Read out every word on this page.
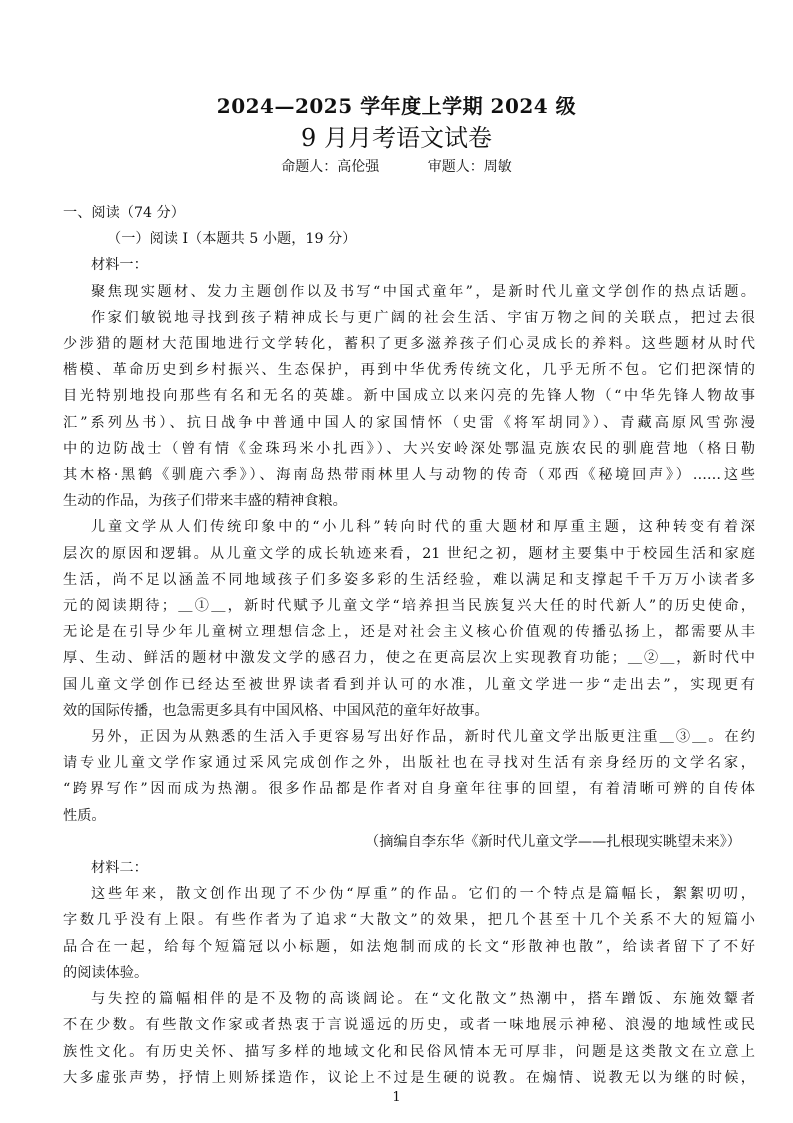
2024—2025 学年度上学期 2024 级
9 月月考语文试卷
命题人：高伦强	审题人：周敏
一、阅读（74 分）
（一）阅读 I（本题共 5 小题，19 分）
材料一：
聚焦现实题材、发力主题创作以及书写“中国式童年”，是新时代儿童文学创作的热点话题。
作家们敏锐地寻找到孩子精神成长与更广阔的社会生活、宇宙万物之间的关联点，把过去很
少涉猎的题材大范围地进行文学转化，蓄积了更多滋养孩子们心灵成长的养料。这些题材从时代
楷模、革命历史到乡村振兴、生态保护，再到中华优秀传统文化，几乎无所不包。它们把深情的
目光特别地投向那些有名和无名的英雄。新中国成立以来闪亮的先锋人物（“中华先锋人物故事
汇”系列丛书）、抗日战争中普通中国人的家国情怀（史雷《将军胡同》）、青藏高原风雪弥漫
中的边防战士（曾有情《金珠玛米小扎西》）、大兴安岭深处鄂温克族农民的驯鹿营地（格日勒
其木格·黑鹤《驯鹿六季》）、海南岛热带雨林里人与动物的传奇（邓西《秘境回声》）……这些
生动的作品，为孩子们带来丰盛的精神食粮。
儿童文学从人们传统印象中的“小儿科”转向时代的重大题材和厚重主题，这种转变有着深
层次的原因和逻辑。从儿童文学的成长轨迹来看，21 世纪之初，题材主要集中于校园生活和家庭
生活，尚不足以涵盖不同地域孩子们多姿多彩的生活经验，难以满足和支撑起千千万万小读者多
元的阅读期待；＿①＿，新时代赋予儿童文学“培养担当民族复兴大任的时代新人”的历史使命，
无论是在引导少年儿童树立理想信念上，还是对社会主义核心价值观的传播弘扬上，都需要从丰
厚、生动、鲜活的题材中激发文学的感召力，使之在更高层次上实现教育功能；＿②＿，新时代中
国儿童文学创作已经达至被世界读者看到并认可的水准，儿童文学进一步“走出去”，实现更有
效的国际传播，也急需更多具有中国风格、中国风范的童年好故事。
另外，正因为从熟悉的生活入手更容易写出好作品，新时代儿童文学出版更注重＿③＿。在约
请专业儿童文学作家通过采风完成创作之外，出版社也在寻找对生活有亲身经历的文学名家，
“跨界写作”因而成为热潮。很多作品都是作者对自身童年往事的回望，有着清晰可辨的自传体
性质。
（摘编自李东华《新时代儿童文学——扎根现实眺望未来》）
材料二：
这些年来，散文创作出现了不少伪“厚重”的作品。它们的一个特点是篇幅长，絮絮叨叨，
字数几乎没有上限。有些作者为了追求“大散文”的效果，把几个甚至十几个关系不大的短篇小
品合在一起，给每个短篇冠以小标题，如法炮制而成的长文“形散神也散”，给读者留下了不好
的阅读体验。
与失控的篇幅相伴的是不及物的高谈阔论。在“文化散文”热潮中，搭车蹭饭、东施效颦者
不在少数。有些散文作家或者热衷于言说遥远的历史，或者一味地展示神秘、浪漫的地域性或民
族性文化。有历史关怀、描写多样的地域文化和民俗风情本无可厚非，问题是这类散文在立意上
大多虚张声势，抒情上则矫揉造作，议论上不过是生硬的说教。在煽情、说教无以为继的时候，
1
